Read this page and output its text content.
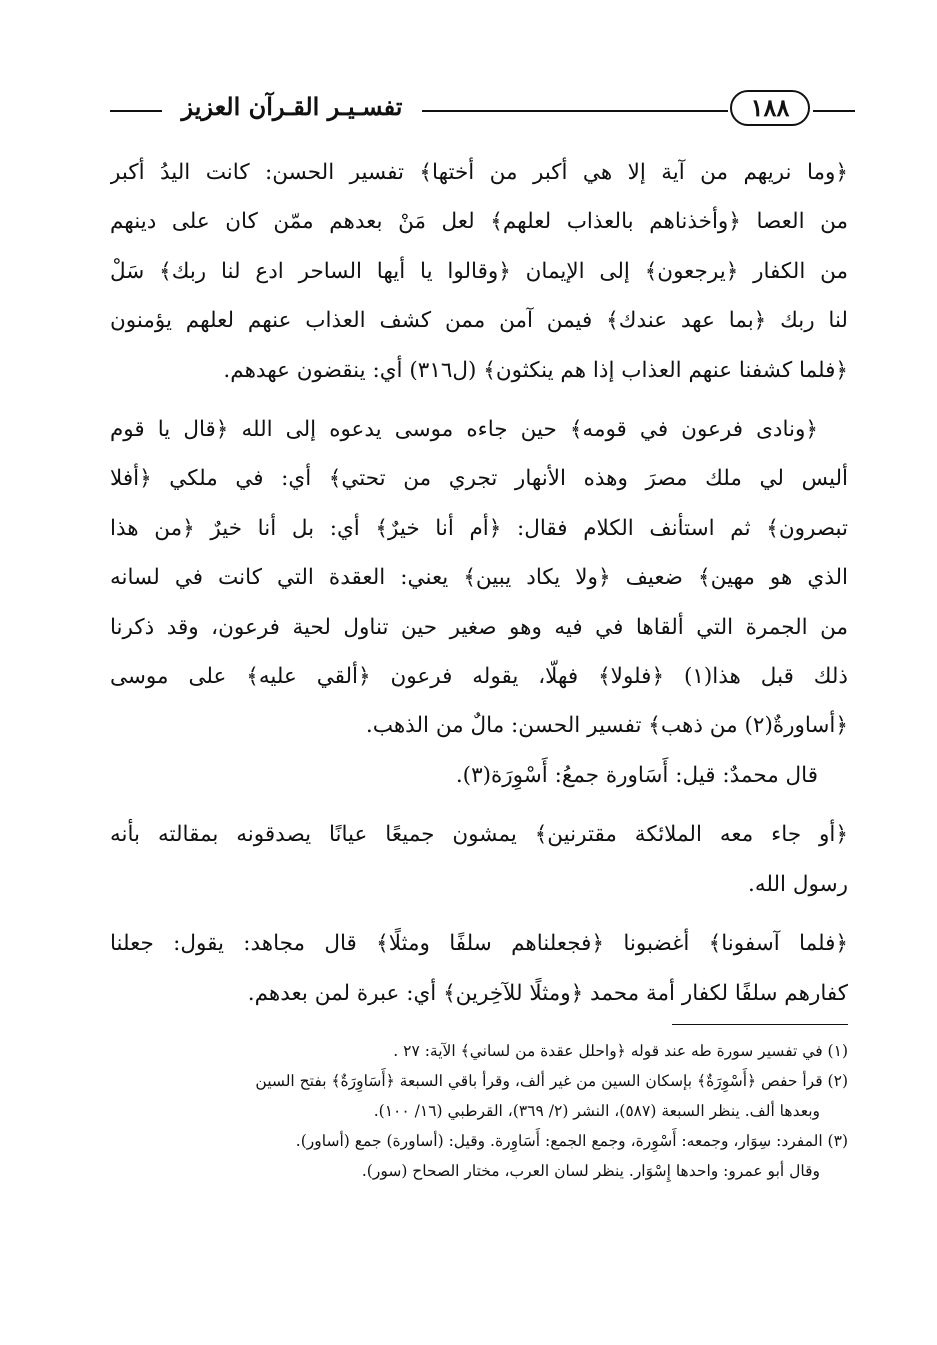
تفسـيـر القـرآن العزيز	١٨٨

﴿وما نريهم من آية إلا هي أكبر من أختها﴾ تفسير الحسن: كانت اليدُ أكبر
من العصا ﴿وأخذناهم بالعذاب لعلهم﴾ لعل مَنْ بعدهم ممّن كان على دينهم
من الكفار ﴿يرجعون﴾ إلى الإيمان ﴿وقالوا يا أيها الساحر ادع لنا ربك﴾ سَلْ
لنا ربك ﴿بما عهد عندك﴾ فيمن آمن ممن كشف العذاب عنهم لعلهم يؤمنون
﴿فلما كشفنا عنهم العذاب إذا هم ينكثون﴾ (ل٣١٦) أي: ينقضون عهدهم.

﴿ونادى فرعون في قومه﴾ حين جاءه موسى يدعوه إلى الله ﴿قال يا قوم
أليس لي ملك مصرَ وهذه الأنهار تجري من تحتي﴾ أي: في ملكي ﴿أفلا
تبصرون﴾ ثم استأنف الكلام فقال: ﴿أم أنا خيرٌ﴾ أي: بل أنا خيرٌ ﴿من هذا
الذي هو مهين﴾ ضعيف ﴿ولا يكاد يبين﴾ يعني: العقدة التي كانت في لسانه
من الجمرة التي ألقاها في فيه وهو صغير حين تناول لحية فرعون، وقد ذكرنا
ذلك قبل هذا(١) ﴿فلولا﴾ فهلّا، يقوله فرعون ﴿ألقي عليه﴾ على موسى
﴿أساورةٌ(٢) من ذهب﴾ تفسير الحسن: مالٌ من الذهب.

قال محمدٌ: قيل: أَسَاورة جمعُ: أَسْوِرَة(٣).

﴿أو جاء معه الملائكة مقترنين﴾ يمشون جميعًا عيانًا يصدقونه بمقالته بأنه
رسول الله.

﴿فلما آسفونا﴾ أغضبونا ﴿فجعلناهم سلفًا ومثلًا﴾ قال مجاهد: يقول: جعلنا
كفارهم سلفًا لكفار أمة محمد ﴿ومثلًا للآخِرين﴾ أي: عبرة لمن بعدهم.

(١) في تفسير سورة طه عند قوله ﴿واحلل عقدة من لساني﴾ الآية: ٢٧ .
(٢) قرأ حفص ﴿أَسْوِرَةٌ﴾ بإسكان السين من غير ألف، وقرأ باقي السبعة ﴿أَسَاوِرَةٌ﴾ بفتح السين
وبعدها ألف. ينظر السبعة (٥٨٧)، النشر (٢/ ٣٦٩)، القرطبي (١٦/ ١٠٠).
(٣) المفرد: سِوَار، وجمعه: أَسْوِرة، وجمع الجمع: أَسَاوِرة. وقيل: (أساورة) جمع (أساور).
وقال أبو عمرو: واحدها إِسْوَار. ينظر لسان العرب، مختار الصحاح (سور).
